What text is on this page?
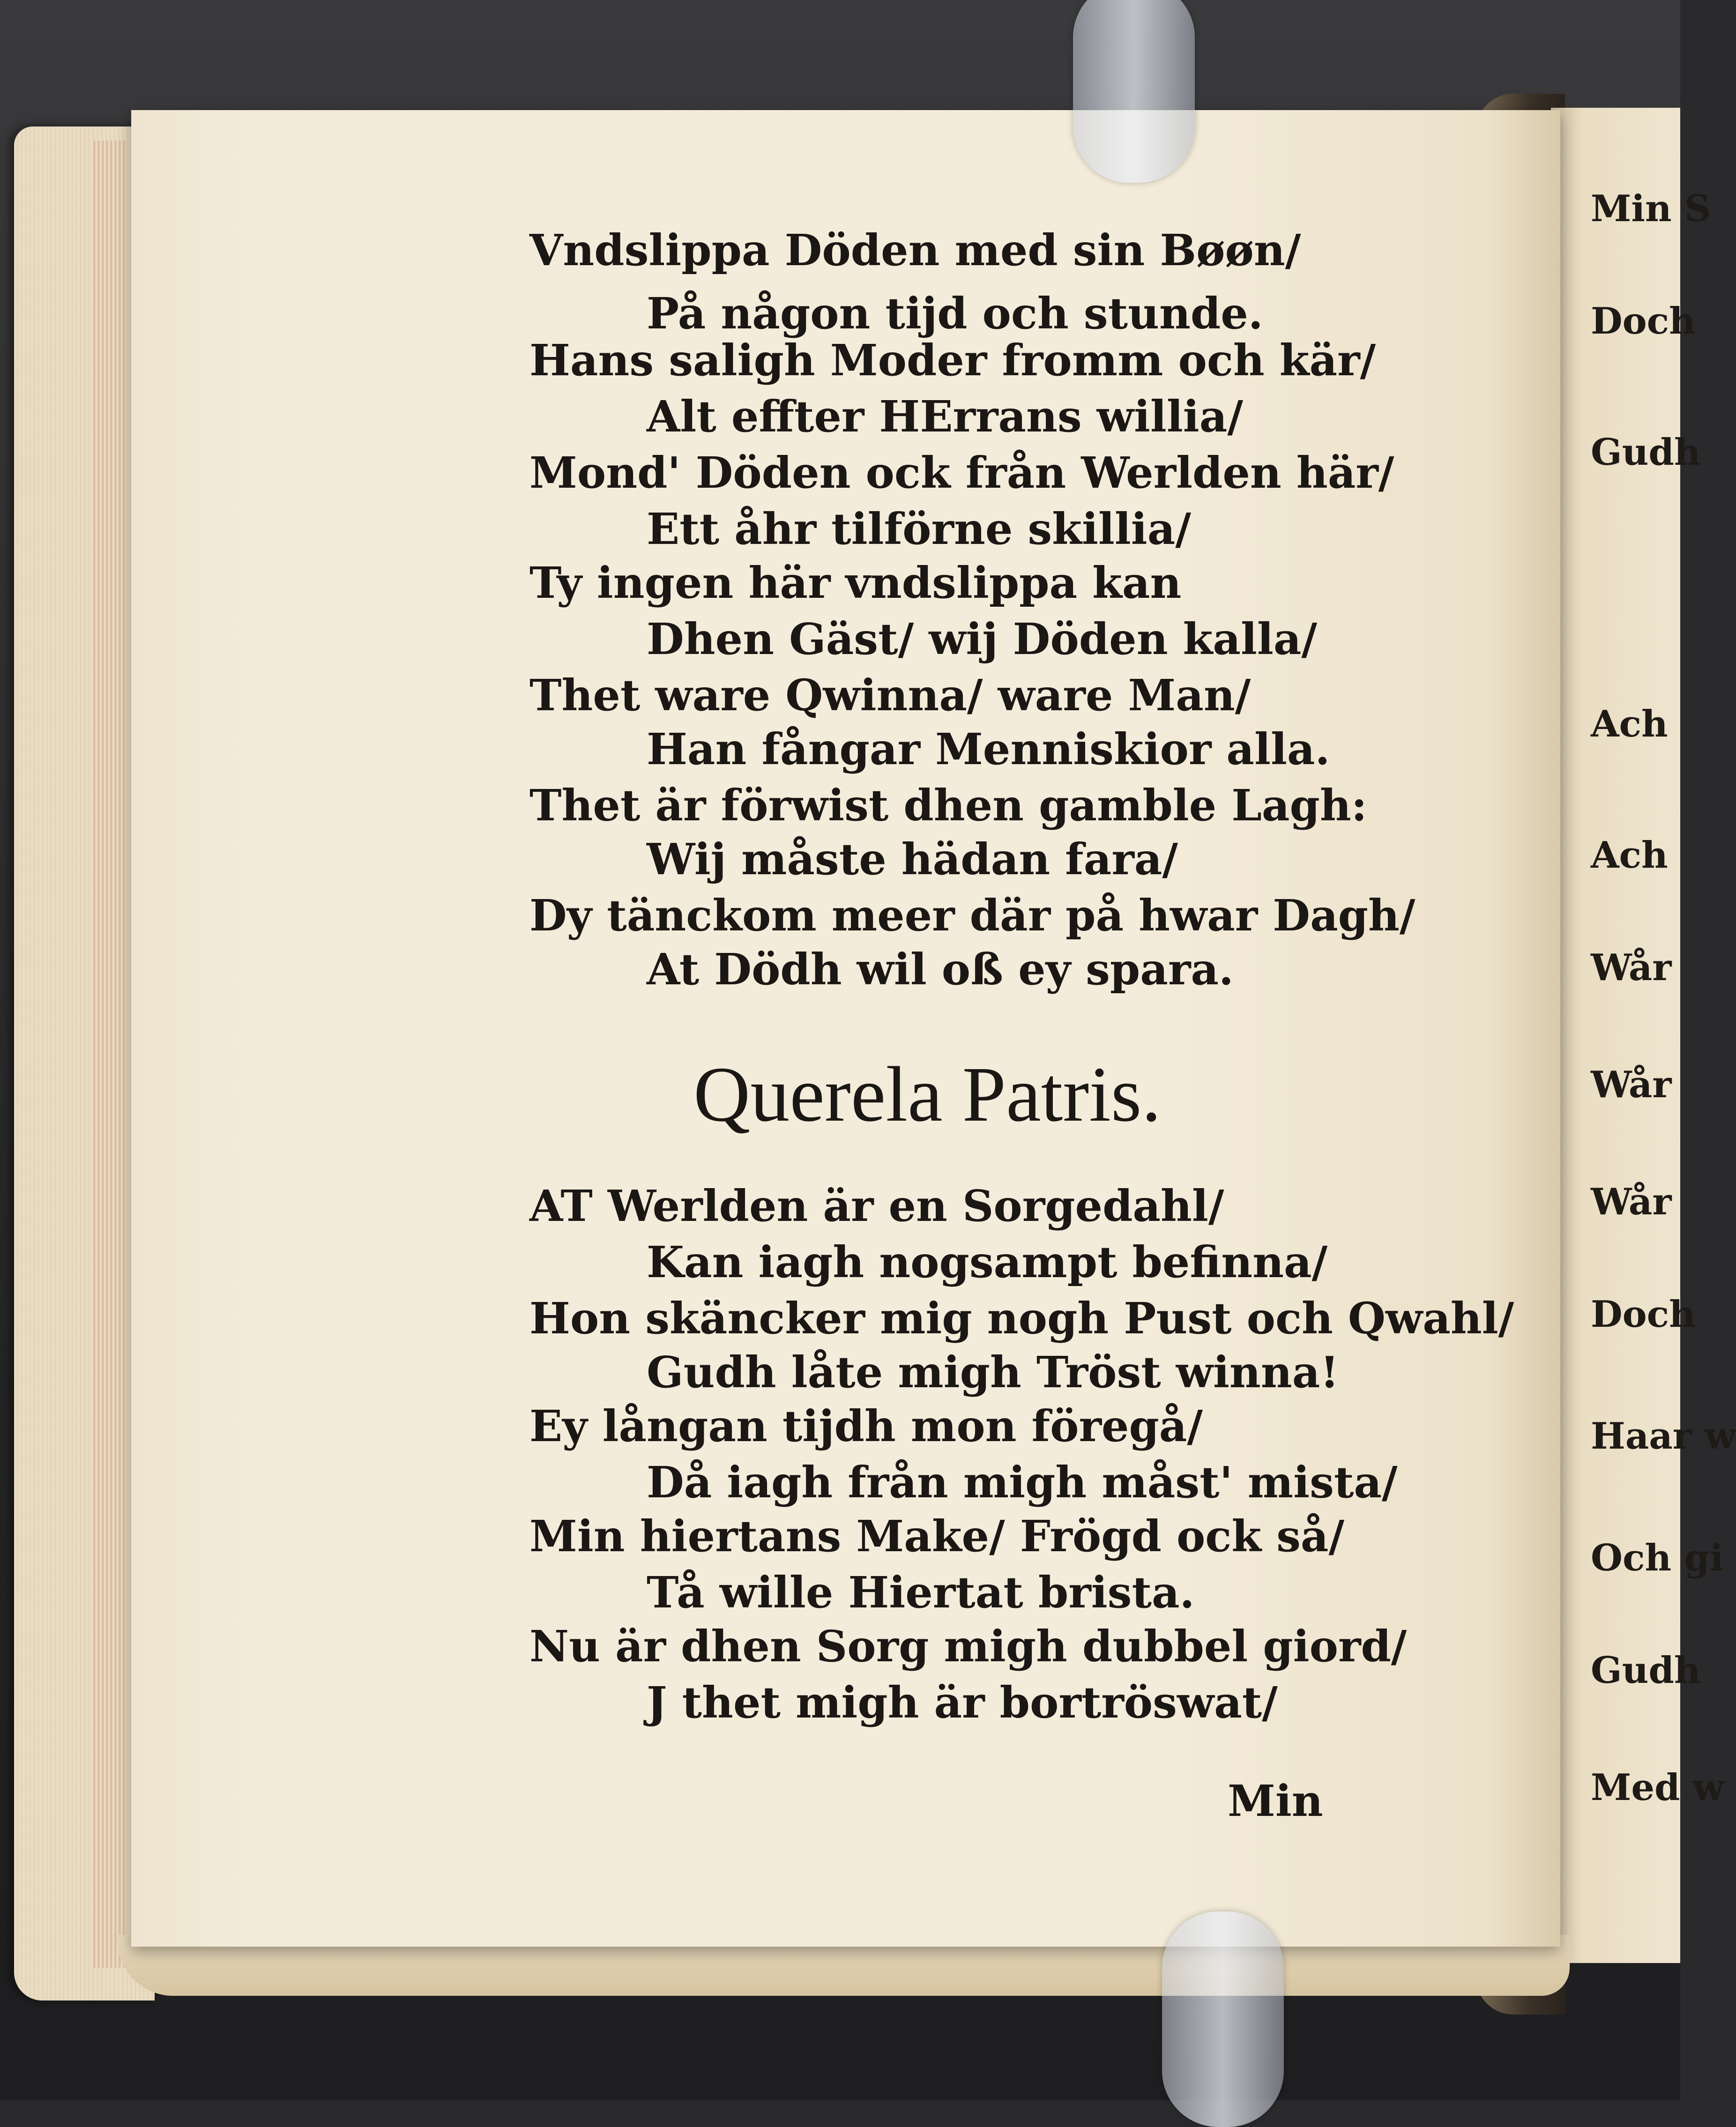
Vndslippa Döden med sin Bøøn/
På någon tijd och stunde.
Hans saligh Moder fromm och kär/
Alt effter HErrans willia/
Mond' Döden ock från Werlden här/
Ett åhr tilförne skillia/
Ty ingen här vndslippa kan
Dhen Gäst/ wij Döden kalla/
Thet ware Qwinna/ ware Man/
Han fångar Menniskior alla.
Thet är förwist dhen gamble Lagh:
Wij måste hädan fara/
Dy tänckom meer där på hwar Dagh/
At Dödh wil oß ey spara.
Querela Patris.
AT Werlden är en Sorgedahl/
Kan iagh nogsampt befinna/
Hon skäncker mig nogh Pust och Qwahl/
Gudh låte migh Tröst winna!
Ey långan tijdh mon föregå/
Då iagh från migh måst' mista/
Min hiertans Make/ Frögd ock så/
Tå wille Hiertat brista.
Nu är dhen Sorg migh dubbel giord/
J thet migh är bortröswat/
Min
Min S
Doch
Gudh
Ach
Ach
Wår
Wår
Wår
Doch
Haar w
Och gi
Gudh
Med w
